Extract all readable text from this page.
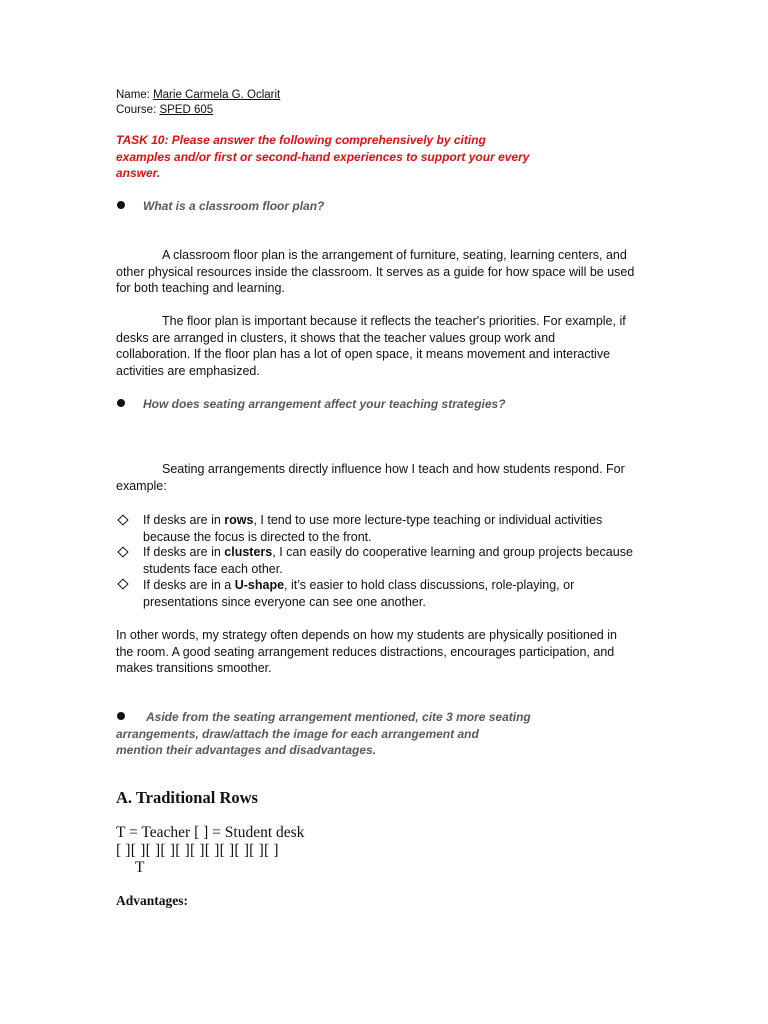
Name: Marie Carmela G. Oclarit
Course: SPED 605
TASK 10: Please answer the following comprehensively by citing
examples and/or first or second-hand experiences to support your every
answer.
What is a classroom floor plan?
A classroom floor plan is the arrangement of furniture, seating, learning centers, and
other physical resources inside the classroom. It serves as a guide for how space will be used
for both teaching and learning.
The floor plan is important because it reflects the teacher's priorities. For example, if
desks are arranged in clusters, it shows that the teacher values group work and
collaboration. If the floor plan has a lot of open space, it means movement and interactive
activities are emphasized.
How does seating arrangement affect your teaching strategies?
Seating arrangements directly influence how I teach and how students respond. For
example:
If desks are in rows, I tend to use more lecture-type teaching or individual activities
because the focus is directed to the front.
If desks are in clusters, I can easily do cooperative learning and group projects because
students face each other.
If desks are in a U-shape, it’s easier to hold class discussions, role-playing, or
presentations since everyone can see one another.
In other words, my strategy often depends on how my students are physically positioned in
the room. A good seating arrangement reduces distractions, encourages participation, and
makes transitions smoother.
Aside from the seating arrangement mentioned, cite 3 more seating
arrangements, draw/attach the image for each arrangement and
mention their advantages and disadvantages.
A. Traditional Rows
T = Teacher [ ] = Student desk
[ ][ ][ ][ ][ ][ ][ ][ ][ ][ ][ ]
T
Advantages:
